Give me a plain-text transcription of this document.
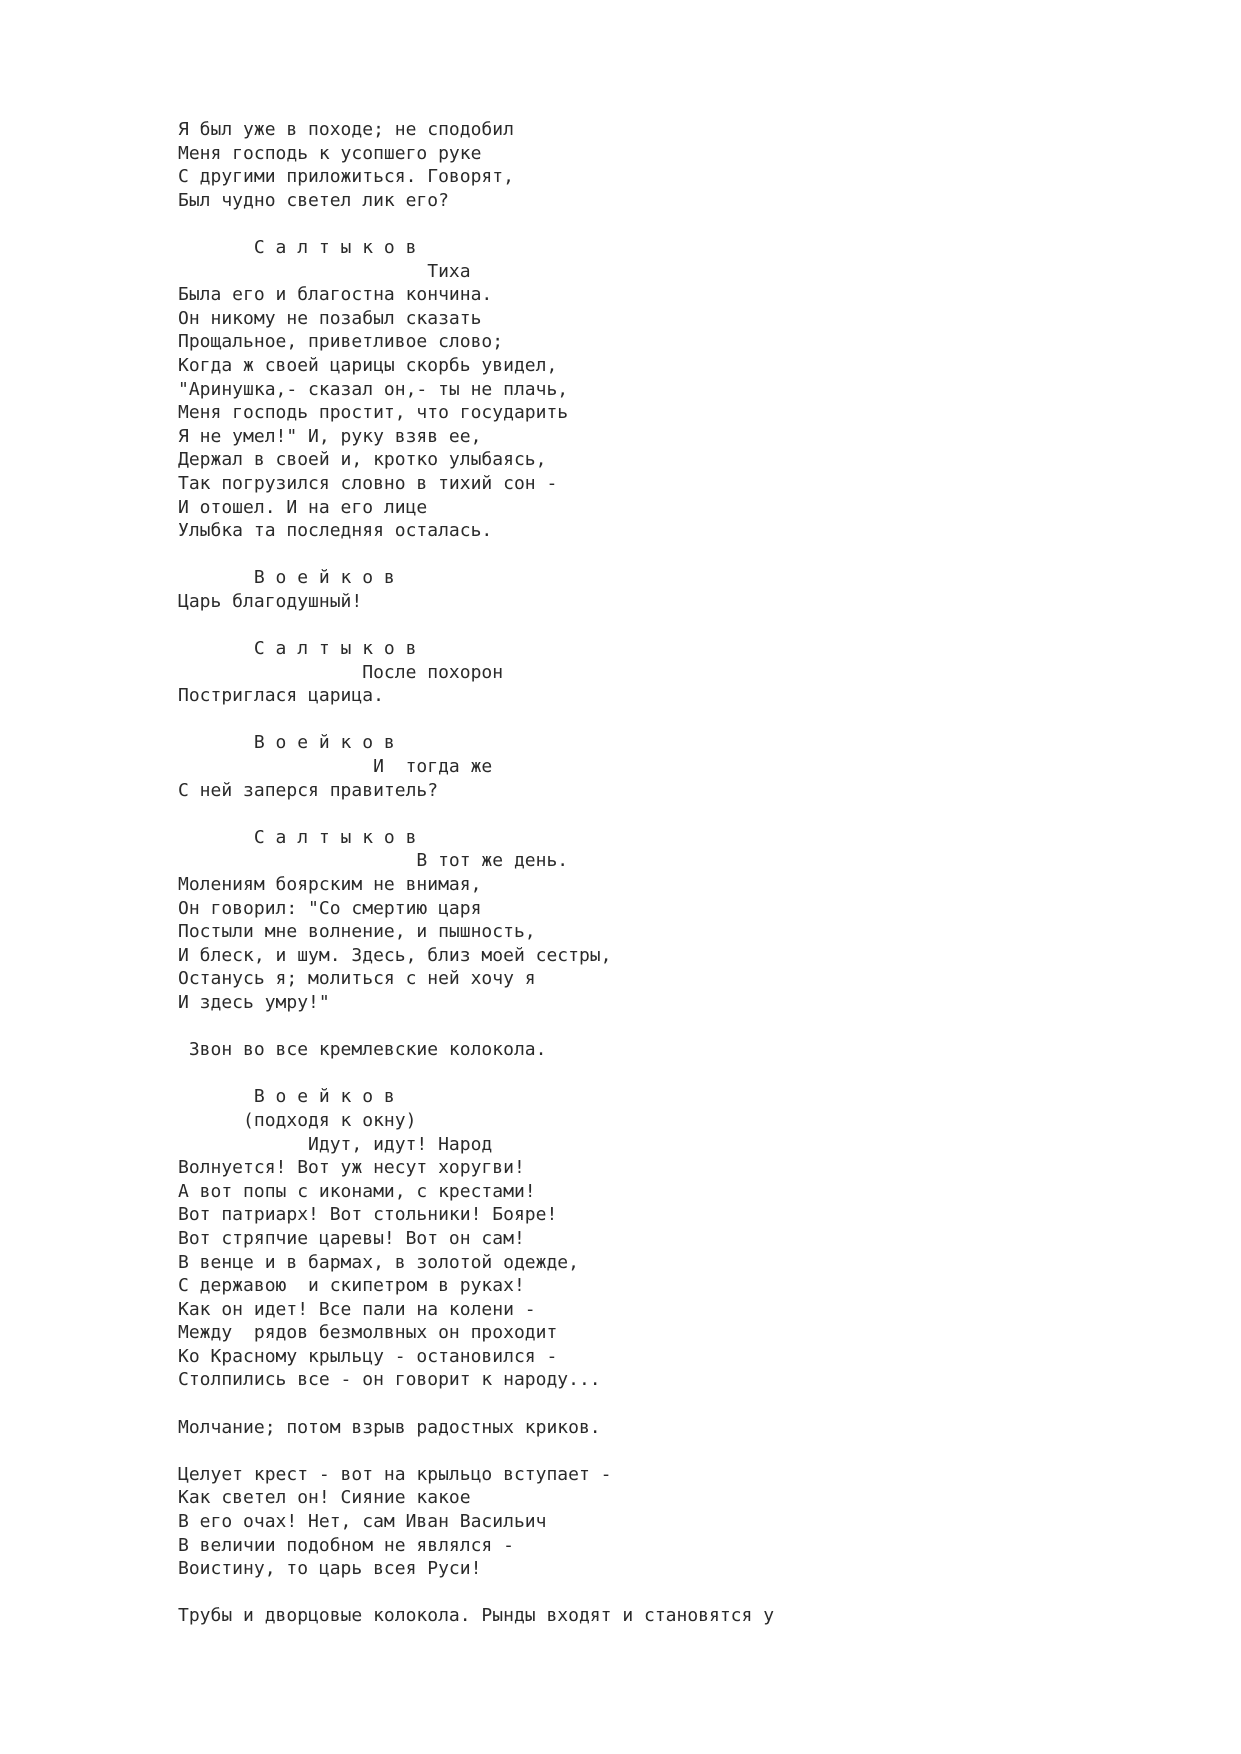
Я был уже в походе; не сподобил
Меня господь к усопшего руке
С другими приложиться. Говорят,
Был чудно светел лик его?

С а л т ы к о в
Тиха
Была его и благостна кончина.
Он никому не позабыл сказать
Прощальное, приветливое слово;
Когда ж своей царицы скорбь увидел,
"Аринушка,- сказал он,- ты не плачь,
Меня господь простит, что государить
Я не умел!" И, руку взяв ее,
Держал в своей и, кротко улыбаясь,
Так погрузился словно в тихий сон -
И отошел. И на его лице
Улыбка та последняя осталась.

В о е й к о в
Царь благодушный!

С а л т ы к о в
После похорон
Постриглася царица.

В о е й к о в
И  тогда же
С ней заперся правитель?

С а л т ы к о в
В тот же день.
Молениям боярским не внимая,
Он говорил: "Со смертию царя
Постыли мне волнение, и пышность,
И блеск, и шум. Здесь, близ моей сестры,
Останусь я; молиться с ней хочу я
И здесь умру!"

Звон во все кремлевские колокола.

В о е й к о в
(подходя к окну)
Идут, идут! Народ
Волнуется! Вот уж несут хоругви!
А вот попы с иконами, с крестами!
Вот патриарх! Вот стольники! Бояре!
Вот стряпчие царевы! Вот он сам!
В венце и в бармах, в золотой одежде,
С державою  и скипетром в руках!
Как он идет! Все пали на колени -
Между  рядов безмолвных он проходит
Ко Красному крыльцу - остановился -
Столпились все - он говорит к народу...

Молчание; потом взрыв радостных криков.

Целует крест - вот на крыльцо вступает -
Как светел он! Сияние какое
В его очах! Нет, сам Иван Васильич
В величии подобном не являлся -
Воистину, то царь всея Руси!

Трубы и дворцовые колокола. Рынды входят и становятся у
